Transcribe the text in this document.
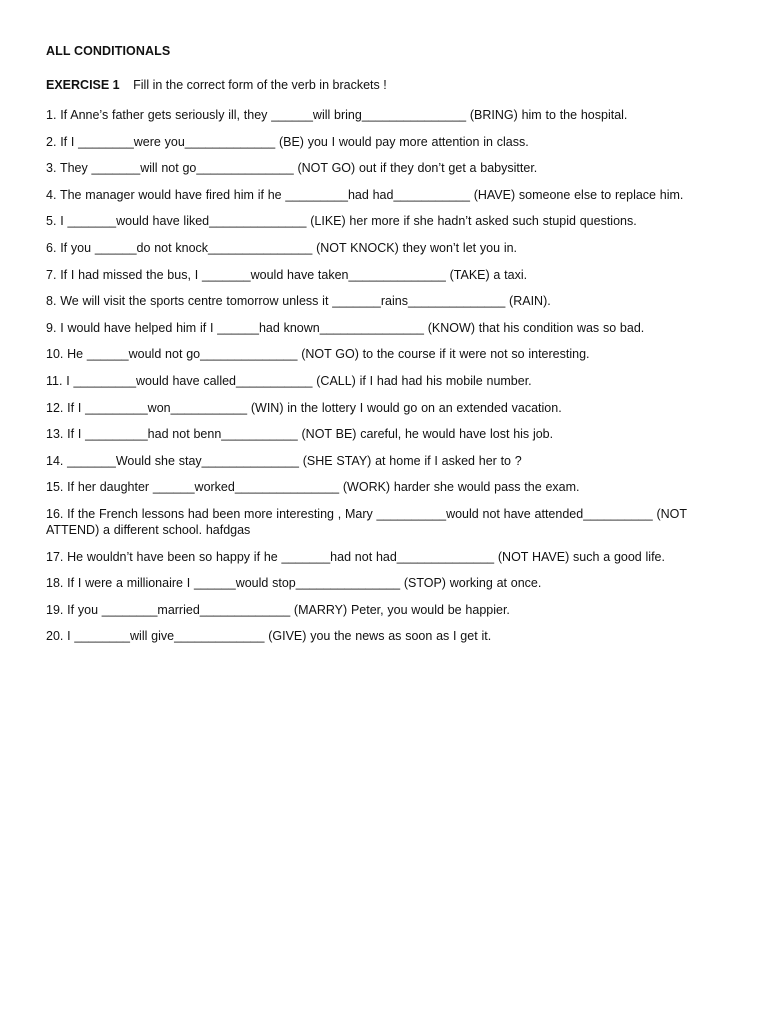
ALL CONDITIONALS
EXERCISE 1 Fill in the correct form of the verb in brackets !
1. If Anne’s father gets seriously ill, they ______will bring_______________ (BRING) him to the hospital.
2. If I ________were you_____________ (BE) you I would pay more attention in class.
3. They _______will not go______________ (NOT GO) out if they don’t get a babysitter.
4. The manager would have fired him if he _________had had___________ (HAVE) someone else to replace him.
5. I _______would have liked______________ (LIKE) her more if she hadn’t asked such stupid questions.
6. If you ______do not knock_______________ (NOT KNOCK) they won’t let you in.
7. If I had missed the bus, I _______would have taken______________ (TAKE) a taxi.
8. We will visit the sports centre tomorrow unless it _______rains______________ (RAIN).
9. I would have helped him if I ______had known_______________ (KNOW) that his condition was so bad.
10. He ______would not go______________ (NOT GO) to the course if it were not so interesting.
11. I _________would have called___________ (CALL) if I had had his mobile number.
12. If I _________won___________ (WIN) in the lottery I would go on an extended vacation.
13. If I _________had not benn___________ (NOT BE) careful, he would have lost his job.
14. _______Would she stay______________ (SHE STAY) at home if I asked her to ?
15. If her daughter ______worked_______________ (WORK) harder she would pass the exam.
16. If the French lessons had been more interesting , Mary __________would not have attended__________ (NOT ATTEND) a different school. hafdgas
17. He wouldn’t have been so happy if he _______had not had______________ (NOT HAVE) such a good life.
18. If I were a millionaire I ______would stop_______________ (STOP) working at once.
19. If you ________married_____________ (MARRY) Peter, you would be happier.
20. I ________will give_____________ (GIVE) you the news as soon as I get it.
